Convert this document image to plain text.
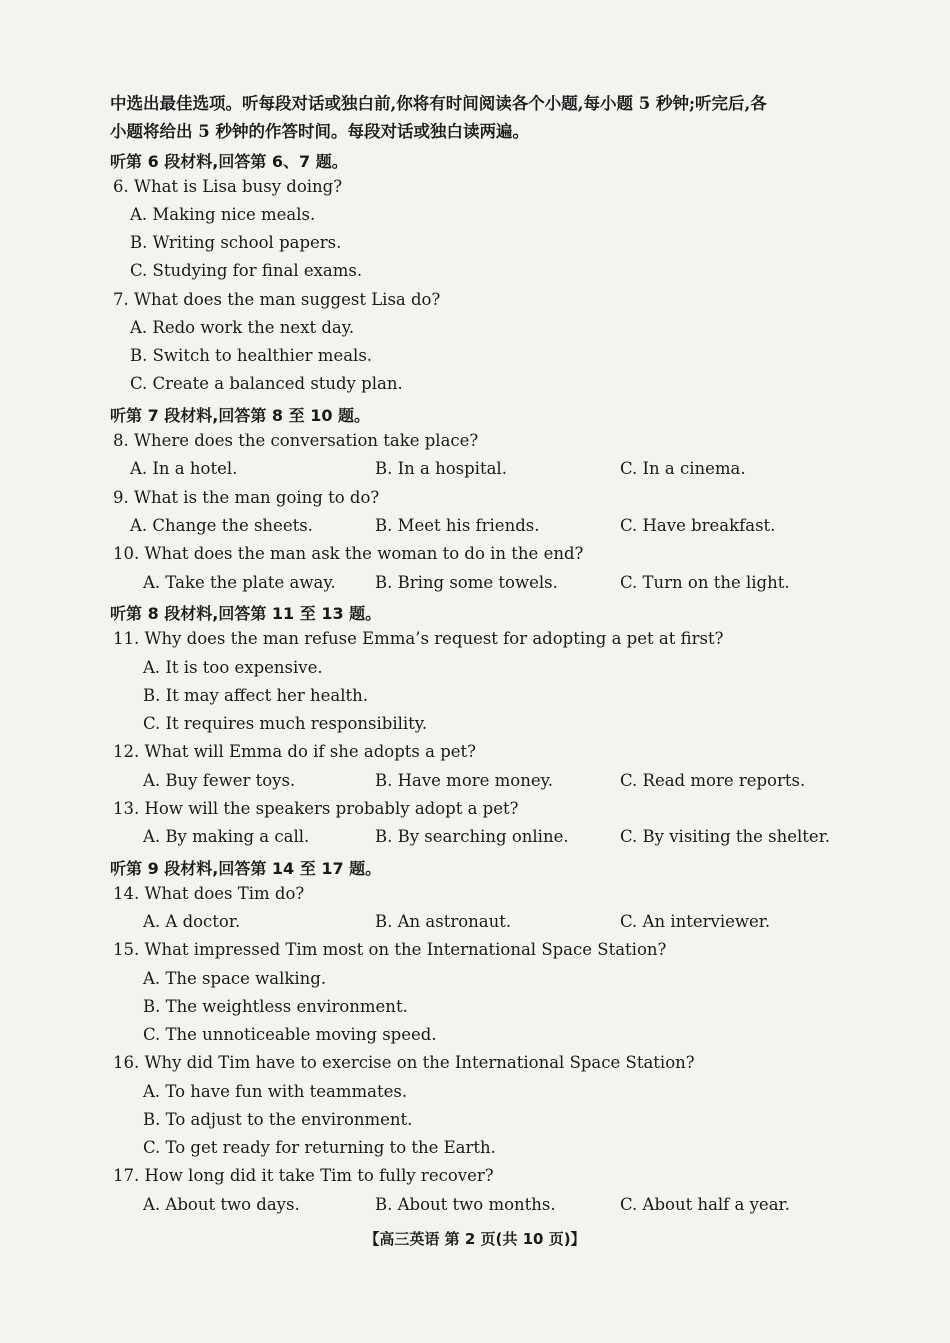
中选出最佳选项。听每段对话或独白前,你将有时间阅读各个小题,每小题 5 秒钟;听完后,各
小题将给出 5 秒钟的作答时间。每段对话或独白读两遍。
听第 6 段材料,回答第 6、7 题。
6. What is Lisa busy doing?
A. Making nice meals.
B. Writing school papers.
C. Studying for final exams.
7. What does the man suggest Lisa do?
A. Redo work the next day.
B. Switch to healthier meals.
C. Create a balanced study plan.
听第 7 段材料,回答第 8 至 10 题。
8. Where does the conversation take place?
A. In a hotel.	B. In a hospital.	C. In a cinema.
9. What is the man going to do?
A. Change the sheets.	B. Meet his friends.	C. Have breakfast.
10. What does the man ask the woman to do in the end?
A. Take the plate away. B. Bring some towels.	C. Turn on the light.
听第 8 段材料,回答第 11 至 13 题。
11. Why does the man refuse Emma’s request for adopting a pet at first?
A. It is too expensive.
B. It may affect her health.
C. It requires much responsibility.
12. What will Emma do if she adopts a pet?
A. Buy fewer toys.	B. Have more money.	C. Read more reports.
13. How will the speakers probably adopt a pet?
A. By making a call.	B. By searching online.	C. By visiting the shelter.
听第 9 段材料,回答第 14 至 17 题。
14. What does Tim do?
A. A doctor.	B. An astronaut.	C. An interviewer.
15. What impressed Tim most on the International Space Station?
A. The space walking.
B. The weightless environment.
C. The unnoticeable moving speed.
16. Why did Tim have to exercise on the International Space Station?
A. To have fun with teammates.
B. To adjust to the environment.
C. To get ready for returning to the Earth.
17. How long did it take Tim to fully recover?
A. About two days.	B. About two months.	C. About half a year.
【高三英语 第 2 页(共 10 页)】
